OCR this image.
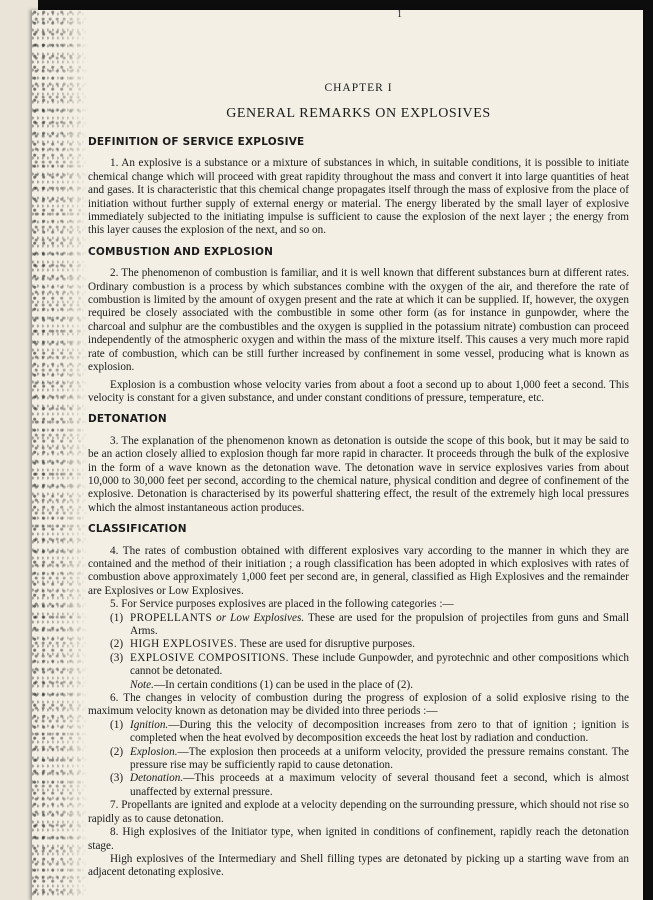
1
CHAPTER I
GENERAL REMARKS ON EXPLOSIVES
DEFINITION OF SERVICE EXPLOSIVE

1. An explosive is a substance or a mixture of substances in which, in suitable conditions, it is possible to initiate chemical change which will proceed with great rapidity throughout the mass and convert it into large quantities of heat and gases. It is characteristic that this chemical change propagates itself through the mass of explosive from the place of initiation without further supply of external energy or material. The energy liberated by the small layer of explosive immediately subjected to the initiating impulse is sufficient to cause the explosion of the next layer ; the energy from this layer causes the explosion of the next, and so on.

COMBUSTION AND EXPLOSION

2. The phenomenon of combustion is familiar, and it is well known that different substances burn at different rates. Ordinary combustion is a process by which substances combine with the oxygen of the air, and therefore the rate of combustion is limited by the amount of oxygen present and the rate at which it can be supplied. If, however, the oxygen required be closely associated with the combustible in some other form (as for instance in gunpowder, where the charcoal and sulphur are the combustibles and the oxygen is supplied in the potassium nitrate) combustion can proceed independently of the atmospheric oxygen and within the mass of the mixture itself. This causes a very much more rapid rate of combustion, which can be still further increased by confinement in some vessel, producing what is known as explosion.

Explosion is a combustion whose velocity varies from about a foot a second up to about 1,000 feet a second. This velocity is constant for a given substance, and under constant conditions of pressure, temperature, etc.

DETONATION

3. The explanation of the phenomenon known as detonation is outside the scope of this book, but it may be said to be an action closely allied to explosion though far more rapid in character. It proceeds through the bulk of the explosive in the form of a wave known as the detonation wave. The detonation wave in service explosives varies from about 10,000 to 30,000 feet per second, according to the chemical nature, physical condition and degree of confinement of the explosive. Detonation is characterised by its powerful shattering effect, the result of the extremely high local pressures which the almost instantaneous action produces.

CLASSIFICATION

4. The rates of combustion obtained with different explosives vary according to the manner in which they are contained and the method of their initiation ; a rough classification has been adopted in which explosives with rates of combustion above approximately 1,000 feet per second are, in general, classified as High Explosives and the remainder are Explosives or Low Explosives.

5. For Service purposes explosives are placed in the following categories :—

(1) PROPELLANTS or Low Explosives. These are used for the propulsion of projectiles from guns and Small Arms.
(2) HIGH EXPLOSIVES. These are used for disruptive purposes.
(3) EXPLOSIVE COMPOSITIONS. These include Gunpowder, and pyrotechnic and other compositions which cannot be detonated.
Note.—In certain conditions (1) can be used in the place of (2).

6. The changes in velocity of combustion during the progress of explosion of a solid explosive rising to the maximum velocity known as detonation may be divided into three periods :—

(1) Ignition.—During this the velocity of decomposition increases from zero to that of ignition ; ignition is completed when the heat evolved by decomposition exceeds the heat lost by radiation and conduction.
(2) Explosion.—The explosion then proceeds at a uniform velocity, provided the pressure remains constant. The pressure rise may be sufficiently rapid to cause detonation.
(3) Detonation.—This proceeds at a maximum velocity of several thousand feet a second, which is almost unaffected by external pressure.

7. Propellants are ignited and explode at a velocity depending on the surrounding pressure, which should not rise so rapidly as to cause detonation.

8. High explosives of the Initiator type, when ignited in conditions of confinement, rapidly reach the detonation stage.

High explosives of the Intermediary and Shell filling types are detonated by picking up a starting wave from an adjacent detonating explosive.
